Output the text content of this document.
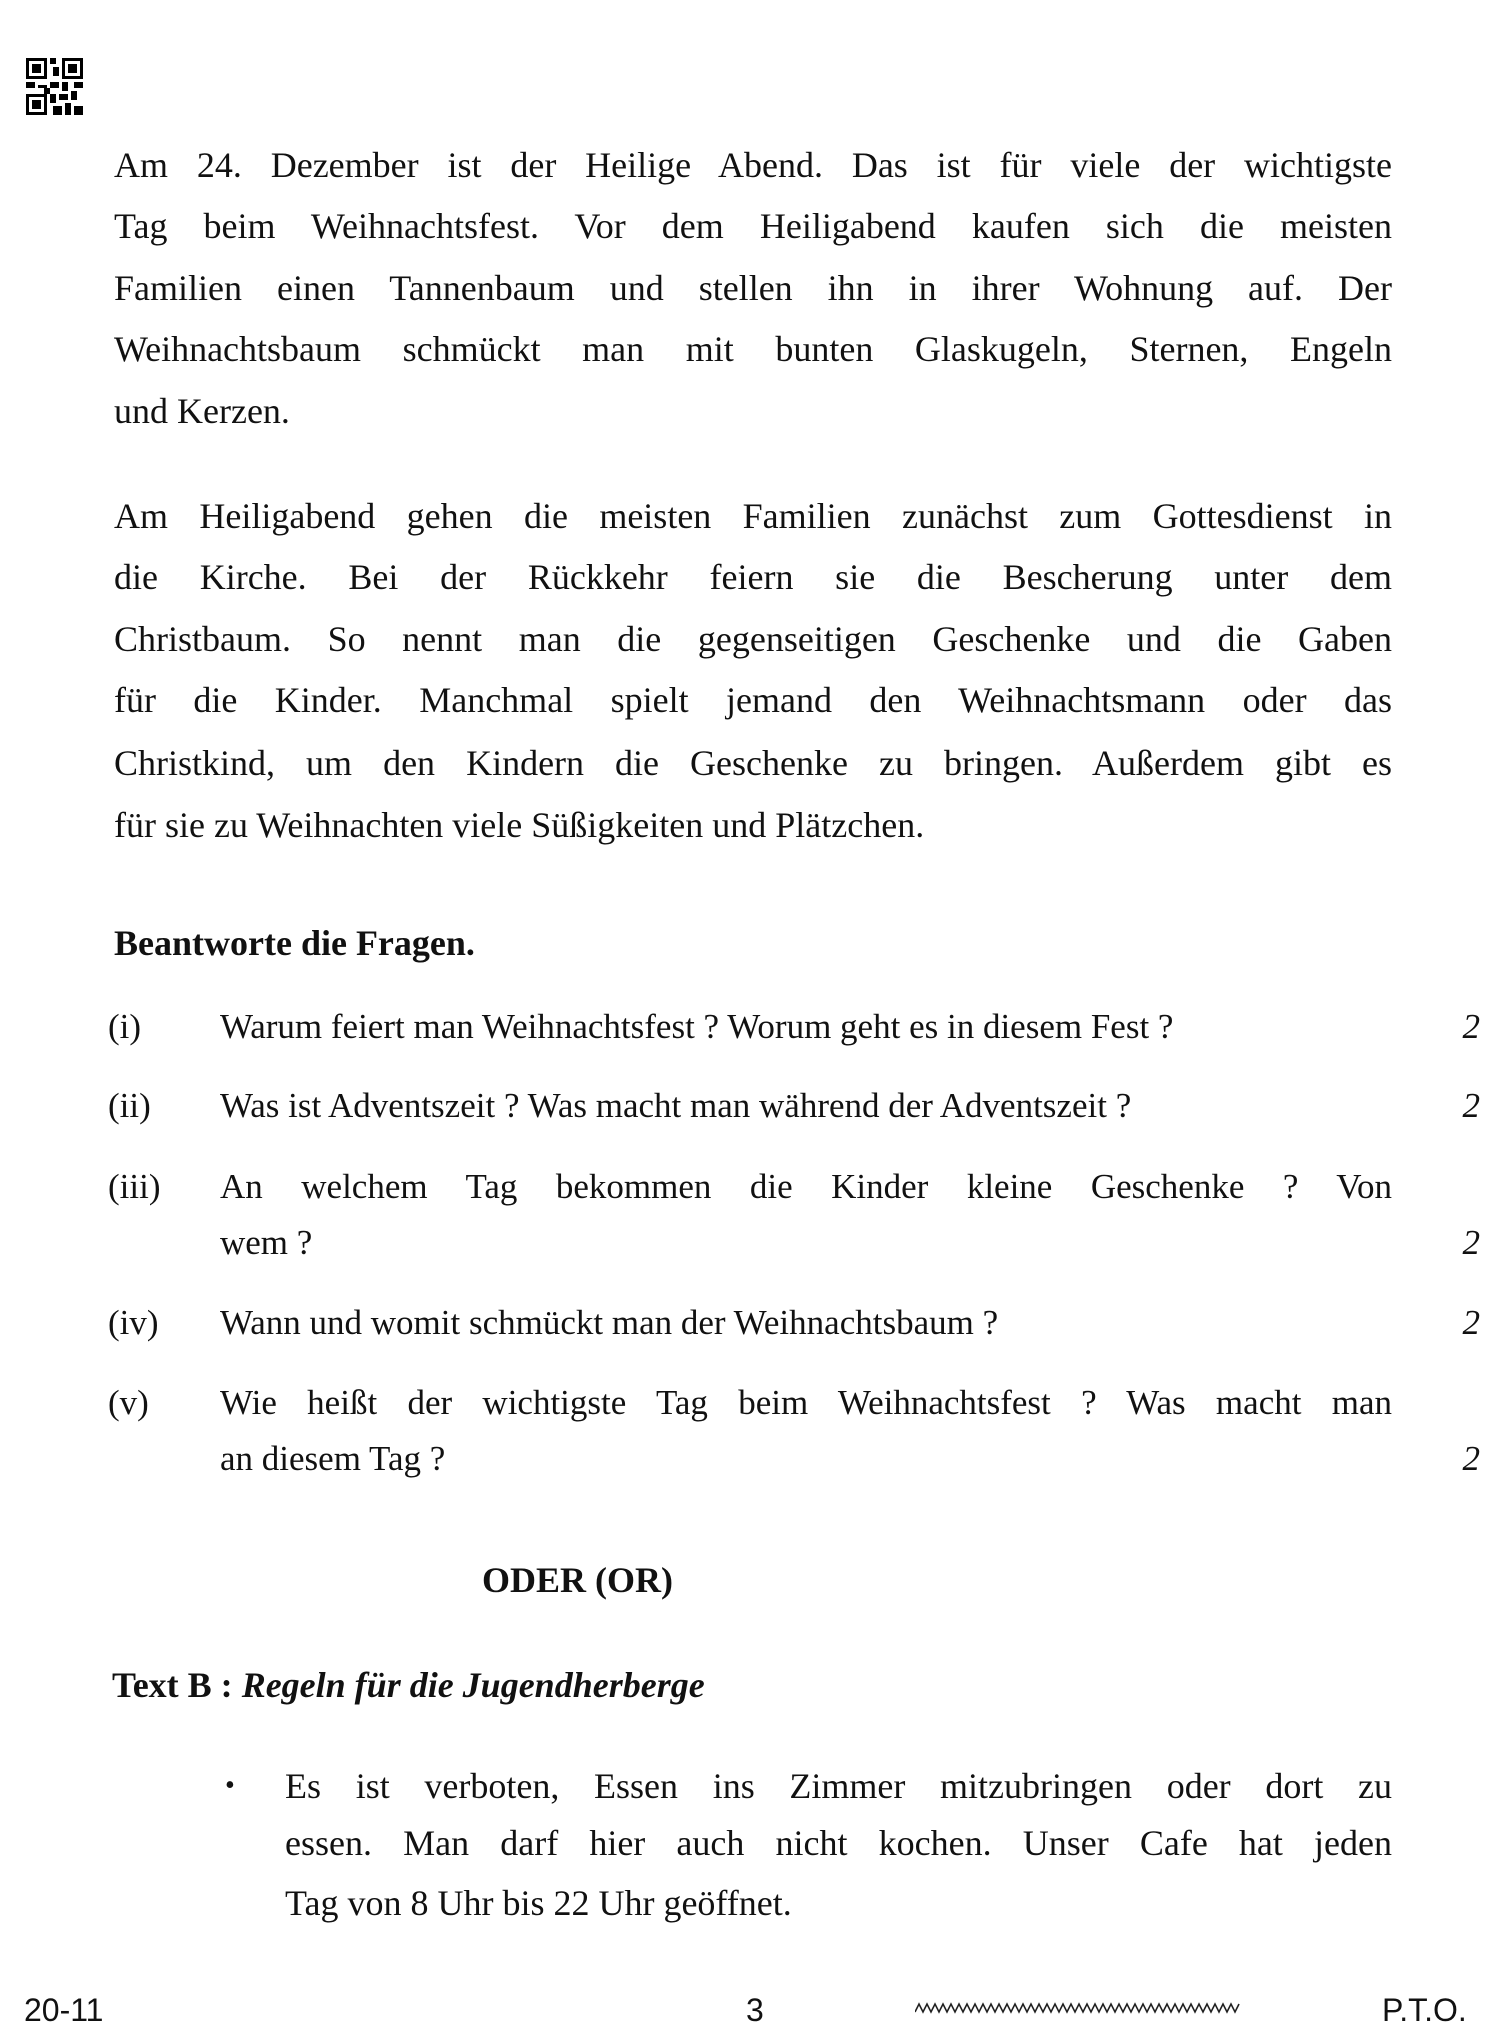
Am 24. Dezember ist der Heilige Abend. Das ist für viele der wichtigste
Tag beim Weihnachtsfest. Vor dem Heiligabend kaufen sich die meisten
Familien einen Tannenbaum und stellen ihn in ihrer Wohnung auf. Der
Weihnachtsbaum schmückt man mit bunten Glaskugeln, Sternen, Engeln
und Kerzen.
Am Heiligabend gehen die meisten Familien zunächst zum Gottesdienst in
die Kirche. Bei der Rückkehr feiern sie die Bescherung unter dem
Christbaum. So nennt man die gegenseitigen Geschenke und die Gaben
für die Kinder. Manchmal spielt jemand den Weihnachtsmann oder das
Christkind, um den Kindern die Geschenke zu bringen. Außerdem gibt es
für sie zu Weihnachten viele Süßigkeiten und Plätzchen.
Beantworte die Fragen.
(i) Warum feiert man Weihnachtsfest ? Worum geht es in diesem Fest ?	2
(ii) Was ist Adventszeit ? Was macht man während der Adventszeit ?	2
(iii) An welchem Tag bekommen die Kinder kleine Geschenke ? Von
wem ?	2
(iv) Wann und womit schmückt man der Weihnachtsbaum ?	2
(v) Wie heißt der wichtigste Tag beim Weihnachtsfest ? Was macht man
an diesem Tag ?	2
ODER (OR)
Text B : Regeln für die Jugendherberge
• Es ist verboten, Essen ins Zimmer mitzubringen oder dort zu
essen. Man darf hier auch nicht kochen. Unser Cafe hat jeden
Tag von 8 Uhr bis 22 Uhr geöffnet.
20-11	3	P.T.O.
